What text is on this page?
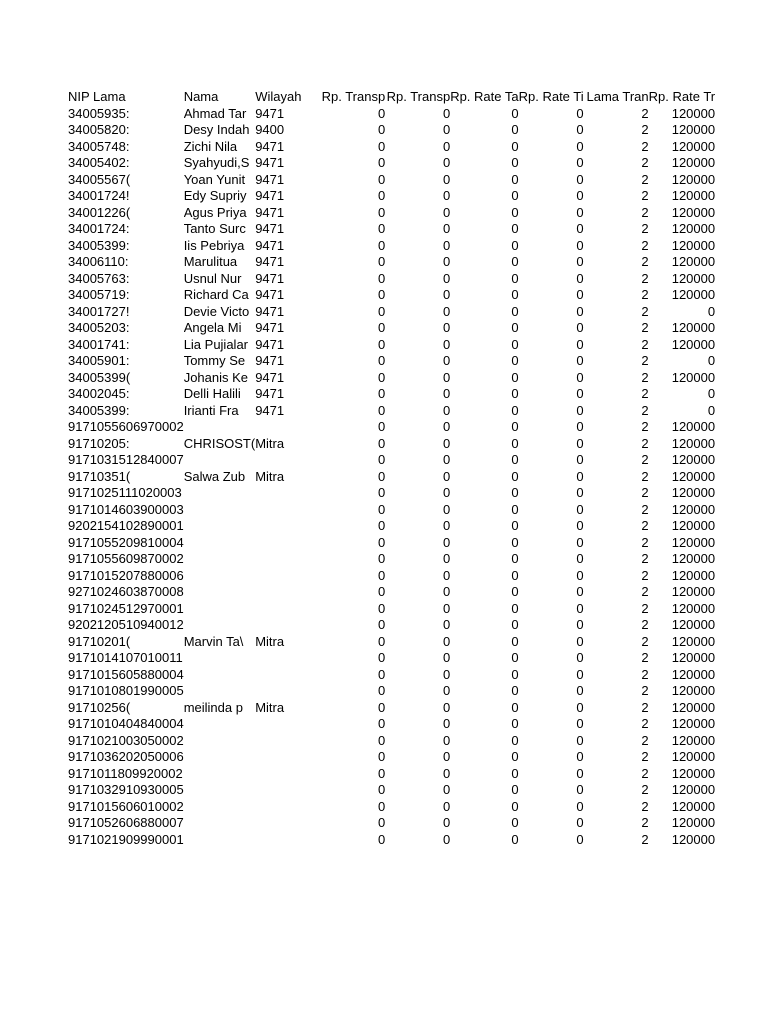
NIP Lama	Nama	Wilayah	Rp. Transp	Rp. Transp	Rp. Rate Ta	Rp. Rate Ti	Lama Tran	Rp. Rate Tr
34005935:	Ahmad Tar	9471	0	0	0	0	2	120000
34005820:	Desy Indah	9400	0	0	0	0	2	120000
34005748:	Zichi Nila	9471	0	0	0	0	2	120000
34005402:	Syahyudi,S	9471	0	0	0	0	2	120000
34005567(	Yoan Yunit	9471	0	0	0	0	2	120000
34001724!	Edy Supriy	9471	0	0	0	0	2	120000
34001226(	Agus Priya	9471	0	0	0	0	2	120000
34001724:	Tanto Surc	9471	0	0	0	0	2	120000
34005399:	Iis Pebriya	9471	0	0	0	0	2	120000
34006110:	Marulitua	9471	0	0	0	0	2	120000
34005763:	Usnul Nur	9471	0	0	0	0	2	120000
34005719:	Richard Ca	9471	0	0	0	0	2	120000
34001727!	Devie Victo	9471	0	0	0	0	2	0
34005203:	Angela Mi	9471	0	0	0	0	2	120000
34001741:	Lia Pujialar	9471	0	0	0	0	2	120000
34005901:	Tommy Se	9471	0	0	0	0	2	0
34005399(	Johanis Ke	9471	0	0	0	0	2	120000
34002045:	Delli Halili	9471	0	0	0	0	2	0
34005399:	Irianti Fra	9471	0	0	0	0	2	0
9171055606970002			0	0	0	0	2	120000
91710205:	CHRISOST(	Mitra	0	0	0	0	2	120000
9171031512840007			0	0	0	0	2	120000
91710351(	Salwa Zub	Mitra	0	0	0	0	2	120000
9171025111020003			0	0	0	0	2	120000
9171014603900003			0	0	0	0	2	120000
9202154102890001			0	0	0	0	2	120000
9171055209810004			0	0	0	0	2	120000
9171055609870002			0	0	0	0	2	120000
9171015207880006			0	0	0	0	2	120000
9271024603870008			0	0	0	0	2	120000
9171024512970001			0	0	0	0	2	120000
9202120510940012			0	0	0	0	2	120000
91710201(	Marvin Ta\	Mitra	0	0	0	0	2	120000
9171014107010011			0	0	0	0	2	120000
9171015605880004			0	0	0	0	2	120000
9171010801990005			0	0	0	0	2	120000
91710256(	meilinda p	Mitra	0	0	0	0	2	120000
9171010404840004			0	0	0	0	2	120000
9171021003050002			0	0	0	0	2	120000
9171036202050006			0	0	0	0	2	120000
9171011809920002			0	0	0	0	2	120000
9171032910930005			0	0	0	0	2	120000
9171015606010002			0	0	0	0	2	120000
9171052606880007			0	0	0	0	2	120000
9171021909990001			0	0	0	0	2	120000
